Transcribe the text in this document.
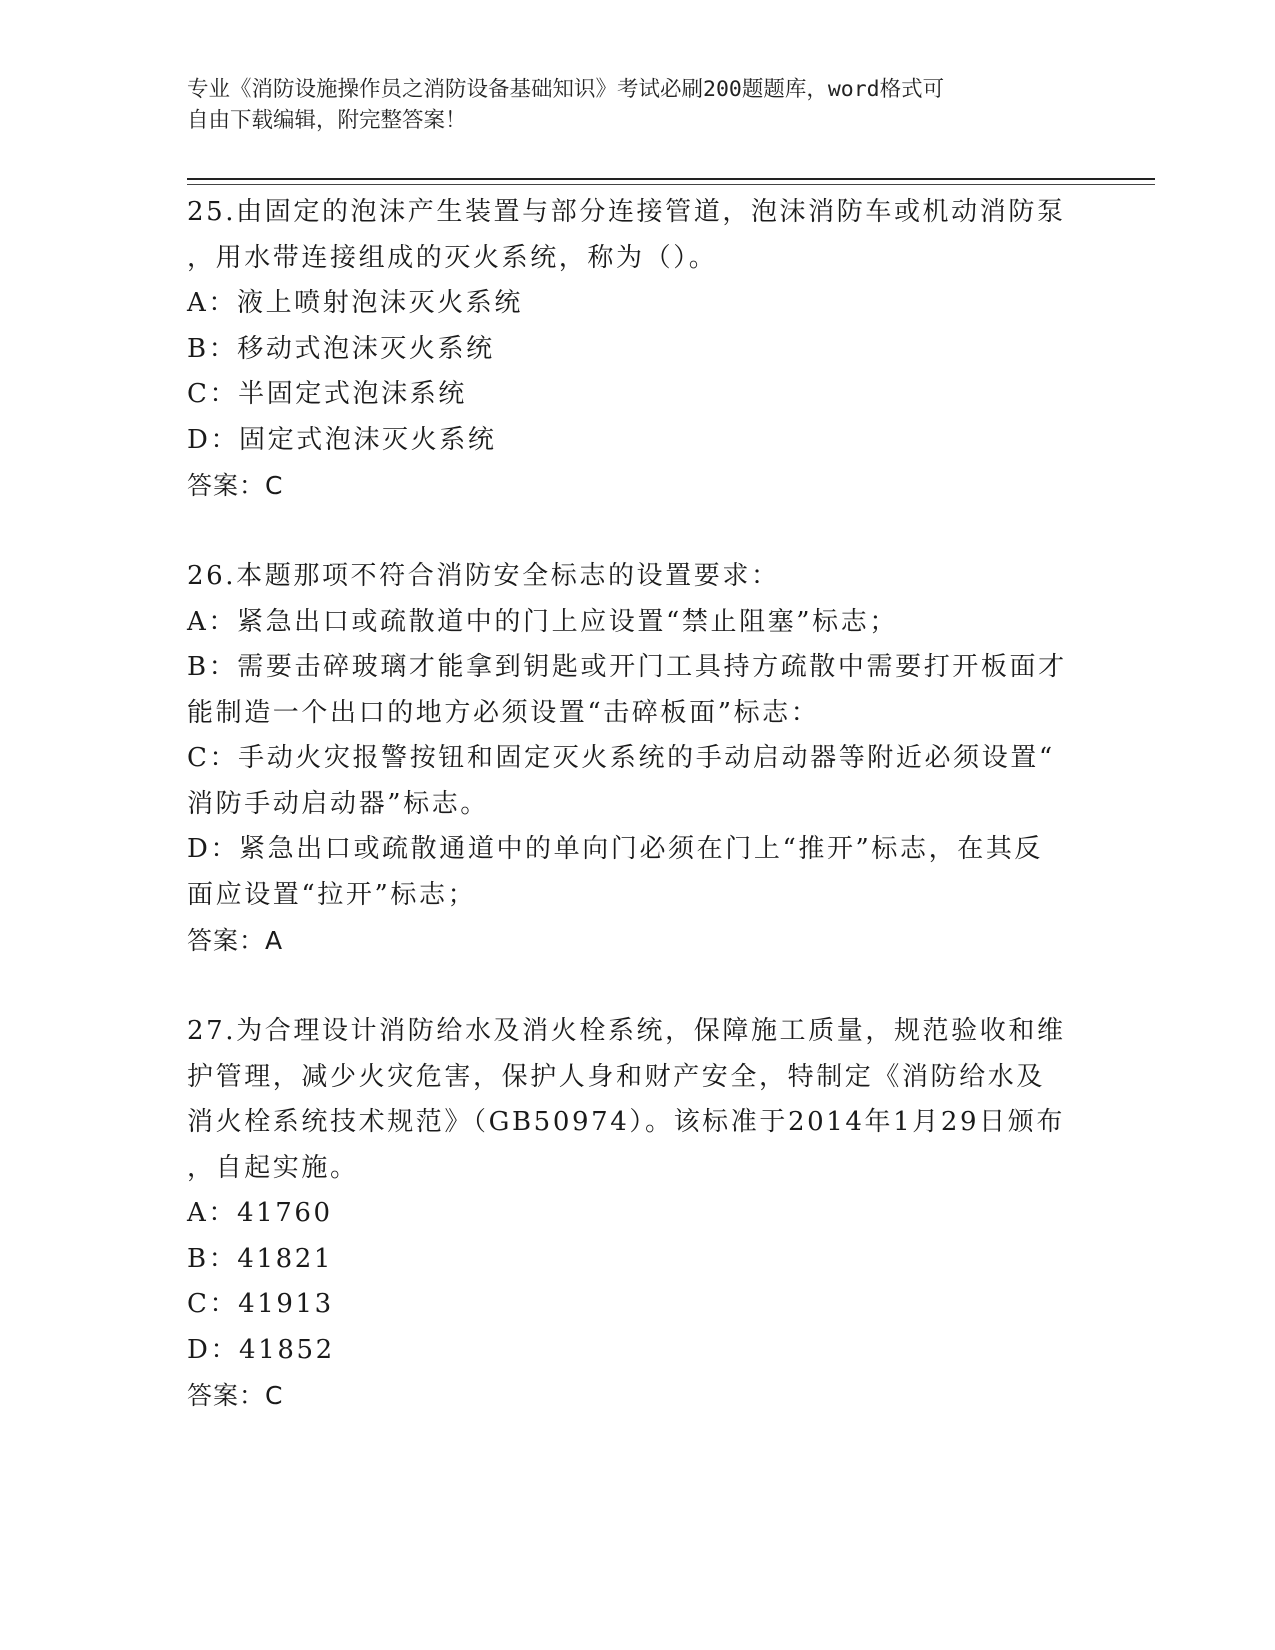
专业《消防设施操作员之消防设备基础知识》考试必刷200题题库，word格式可
自由下载编辑，附完整答案！
25.由固定的泡沫产生装置与部分连接管道，泡沫消防车或机动消防泵
，用水带连接组成的灭火系统，称为（）。
A：液上喷射泡沫灭火系统
B：移动式泡沫灭火系统
C：半固定式泡沫系统
D：固定式泡沫灭火系统
答案：C
26.本题那项不符合消防安全标志的设置要求：
A：紧急出口或疏散道中的门上应设置“禁止阻塞”标志；
B：需要击碎玻璃才能拿到钥匙或开门工具持方疏散中需要打开板面才
能制造一个出口的地方必须设置“击碎板面”标志：
C：手动火灾报警按钮和固定灭火系统的手动启动器等附近必须设置“
消防手动启动器”标志。
D：紧急出口或疏散通道中的单向门必须在门上“推开”标志，在其反
面应设置“拉开”标志；
答案：A
27.为合理设计消防给水及消火栓系统，保障施工质量，规范验收和维
护管理，减少火灾危害，保护人身和财产安全，特制定《消防给水及
消火栓系统技术规范》（GB50974）。该标准于2014年1月29日颁布
，自起实施。
A：41760
B：41821
C：41913
D：41852
答案：C
